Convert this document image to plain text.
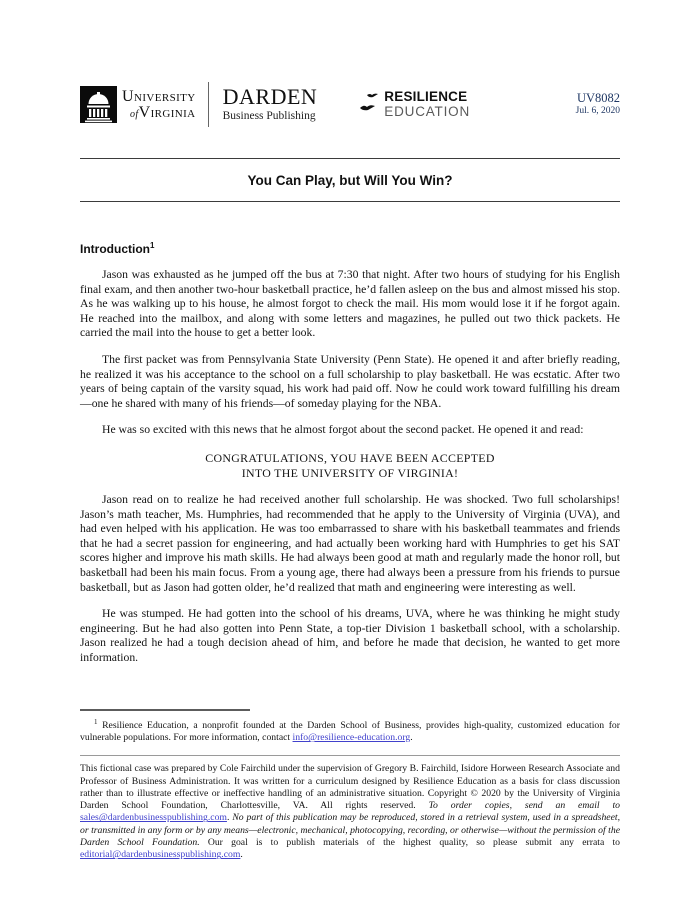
UNIVERSITY
ofVIRGINIA
DARDEN
Business Publishing
RESILIENCE
EDUCATION
UV8082
Jul. 6, 2020
You Can Play, but Will You Win?
Introduction$^1$

Jason was exhausted as he jumped off the bus at 7:30 that night. After two hours of studying for his English final exam, and then another two-hour basketball practice, he’d fallen asleep on the bus and almost missed his stop. As he was walking up to his house, he almost forgot to check the mail. His mom would lose it if he forgot again. He reached into the mailbox, and along with some letters and magazines, he pulled out two thick packets. He carried the mail into the house to get a better look.

The first packet was from Pennsylvania State University (Penn State). He opened it and after briefly reading, he realized it was his acceptance to the school on a full scholarship to play basketball. He was ecstatic. After two years of being captain of the varsity squad, his work had paid off. Now he could work toward fulfilling his dream—one he shared with many of his friends—of someday playing for the NBA.

He was so excited with this news that he almost forgot about the second packet. He opened it and read:

CONGRATULATIONS, YOU HAVE BEEN ACCEPTED
INTO THE UNIVERSITY OF VIRGINIA!

Jason read on to realize he had received another full scholarship. He was shocked. Two full scholarships! Jason’s math teacher, Ms. Humphries, had recommended that he apply to the University of Virginia (UVA), and had even helped with his application. He was too embarrassed to share with his basketball teammates and friends that he had a secret passion for engineering, and had actually been working hard with Humphries to get his SAT scores higher and improve his math skills. He had always been good at math and regularly made the honor roll, but basketball had been his main focus. From a young age, there had always been a pressure from his friends to pursue basketball, but as Jason had gotten older, he’d realized that math and engineering were interesting as well.

He was stumped. He had gotten into the school of his dreams, UVA, where he was thinking he might study engineering. But he had also gotten into Penn State, a top-tier Division 1 basketball school, with a scholarship. Jason realized he had a tough decision ahead of him, and before he made that decision, he wanted to get more information.

$^1$ Resilience Education, a nonprofit founded at the Darden School of Business, provides high-quality, customized education for vulnerable populations. For more information, contact info@resilience-education.org.

This fictional case was prepared by Cole Fairchild under the supervision of Gregory B. Fairchild, Isidore Horween Research Associate and Professor of Business Administration. It was written for a curriculum designed by Resilience Education as a basis for class discussion rather than to illustrate effective or ineffective handling of an administrative situation. Copyright © 2020 by the University of Virginia Darden School Foundation, Charlottesville, VA. All rights reserved. To order copies, send an email to sales@dardenbusinesspublishing.com. No part of this publication may be reproduced, stored in a retrieval system, used in a spreadsheet, or transmitted in any form or by any means—electronic, mechanical, photocopying, recording, or otherwise—without the permission of the Darden School Foundation. Our goal is to publish materials of the highest quality, so please submit any errata to editorial@dardenbusinesspublishing.com.
